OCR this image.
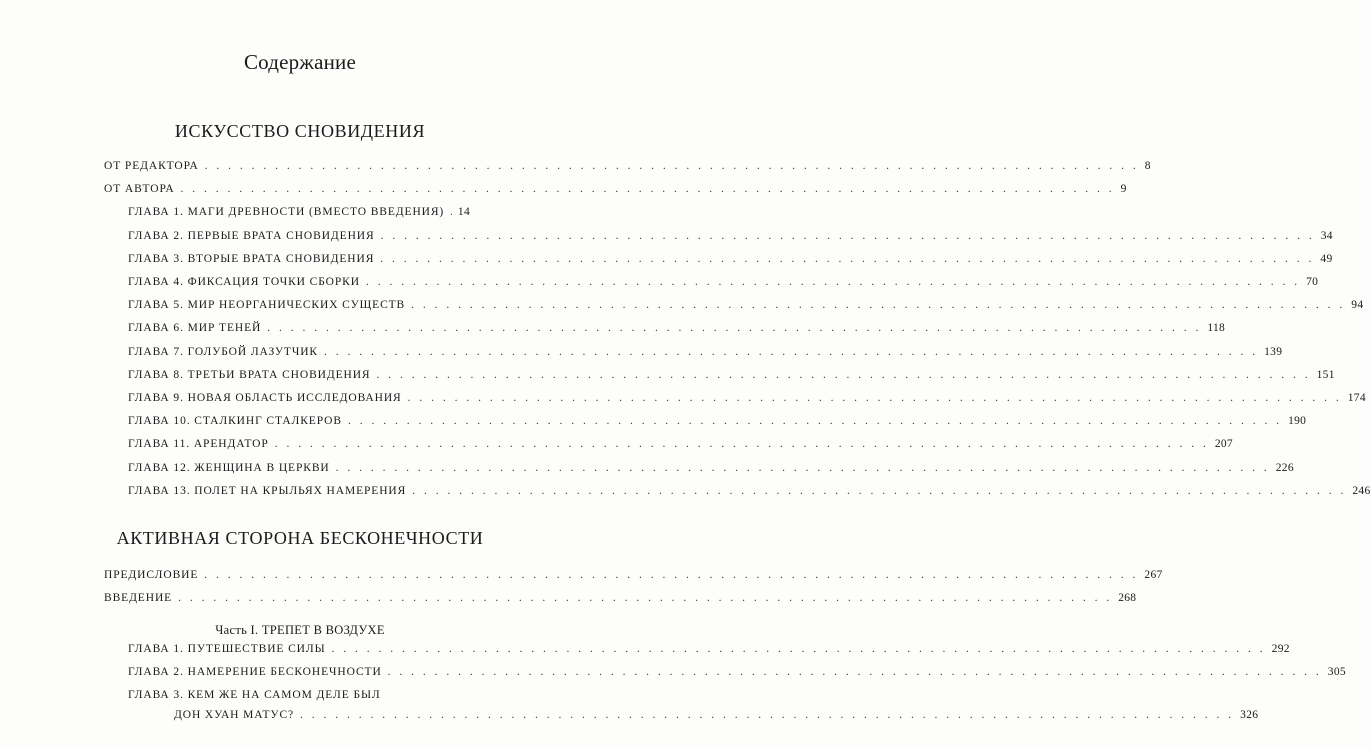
Содержание
ИСКУССТВО СНОВИДЕНИЯ
ОТ РЕДАКТОРА . . . . . . . . . . . . . . . . . . . . . . . . . . . . . . . . . . . . . . . . . . . . . . . . . . . . . . . . . . . . . . . . . . . . . . . . . . . . . . . . 8
ОТ АВТОРА . . . . . . . . . . . . . . . . . . . . . . . . . . . . . . . . . . . . . . . . . . . . . . . . . . . . . . . . . . . . . . . . . . . . . . . . . . . . . . . . 9
ГЛАВА 1. МАГИ ДРЕВНОСТИ (ВМЕСТО ВВЕДЕНИЯ) 14
ГЛАВА 2. ПЕРВЫЕ ВРАТА СНОВИДЕНИЯ . . . . . . . . . . . . . . . . . . . . . . . . . . . . . . . . . . . . . . . . . . . . . . . . . . . . . . . . . . . . . . . . . . . . . . . . . . . . . . . . 34
ГЛАВА 3. ВТОРЫЕ ВРАТА СНОВИДЕНИЯ . . . . . . . . . . . . . . . . . . . . . . . . . . . . . . . . . . . . . . . . . . . . . . . . . . . . . . . . . . . . . . . . . . . . . . . . . . . . . . . . 49
ГЛАВА 4. ФИКСАЦИЯ ТОЧКИ СБОРКИ . . . . . . . . . . . . . . . . . . . . . . . . . . . . . . . . . . . . . . . . . . . . . . . . . . . . . . . . . . . . . . . . . . . . . . . . . . . . . . . . 70
ГЛАВА 5. МИР НЕОРГАНИЧЕСКИХ СУЩЕСТВ . . . . . . . . . . . . . . . . . . . . . . . . . . . . . . . . . . . . . . . . . . . . . . . . . . . . . . . . . . . . . . . . . . . . . . . . . . . . . . . . 94
ГЛАВА 6. МИР ТЕНЕЙ . . . . . . . . . . . . . . . . . . . . . . . . . . . . . . . . . . . . . . . . . . . . . . . . . . . . . . . . . . . . . . . . . . . . . . . . . . . . . . . . 118
ГЛАВА 7. ГОЛУБОЙ ЛАЗУТЧИК . . . . . . . . . . . . . . . . . . . . . . . . . . . . . . . . . . . . . . . . . . . . . . . . . . . . . . . . . . . . . . . . . . . . . . . . . . . . . . . . 139
ГЛАВА 8. ТРЕТЬИ ВРАТА СНОВИДЕНИЯ . . . . . . . . . . . . . . . . . . . . . . . . . . . . . . . . . . . . . . . . . . . . . . . . . . . . . . . . . . . . . . . . . . . . . . . . . . . . . . . . 151
ГЛАВА 9. НОВАЯ ОБЛАСТЬ ИССЛЕДОВАНИЯ . . . . . . . . . . . . . . . . . . . . . . . . . . . . . . . . . . . . . . . . . . . . . . . . . . . . . . . . . . . . . . . . . . . . . . . . . . . . . . . . 174
ГЛАВА 10. СТАЛКИНГ СТАЛКЕРОВ . . . . . . . . . . . . . . . . . . . . . . . . . . . . . . . . . . . . . . . . . . . . . . . . . . . . . . . . . . . . . . . . . . . . . . . . . . . . . . . . 190
ГЛАВА 11. АРЕНДАТОР . . . . . . . . . . . . . . . . . . . . . . . . . . . . . . . . . . . . . . . . . . . . . . . . . . . . . . . . . . . . . . . . . . . . . . . . . . . . . . . . 207
ГЛАВА 12. ЖЕНЩИНА В ЦЕРКВИ . . . . . . . . . . . . . . . . . . . . . . . . . . . . . . . . . . . . . . . . . . . . . . . . . . . . . . . . . . . . . . . . . . . . . . . . . . . . . . . . 226
ГЛАВА 13. ПОЛЕТ НА КРЫЛЬЯХ НАМЕРЕНИЯ . . . . . . . . . . . . . . . . . . . . . . . . . . . . . . . . . . . . . . . . . . . . . . . . . . . . . . . . . . . . . . . . . . . . . . . . . . . . . . . . 246
АКТИВНАЯ СТОРОНА БЕСКОНЕЧНОСТИ
ПРЕДИСЛОВИЕ . . . . . . . . . . . . . . . . . . . . . . . . . . . . . . . . . . . . . . . . . . . . . . . . . . . . . . . . . . . . . . . . . . . . . . . . . . . . . . . . 267
ВВЕДЕНИЕ . . . . . . . . . . . . . . . . . . . . . . . . . . . . . . . . . . . . . . . . . . . . . . . . . . . . . . . . . . . . . . . . . . . . . . . . . . . . . . . . 268
Часть I. ТРЕПЕТ В ВОЗДУХЕ
ГЛАВА 1. ПУТЕШЕСТВИЕ СИЛЫ . . . . . . . . . . . . . . . . . . . . . . . . . . . . . . . . . . . . . . . . . . . . . . . . . . . . . . . . . . . . . . . . . . . . . . . . . . . . . . . . 292
ГЛАВА 2. НАМЕРЕНИЕ БЕСКОНЕЧНОСТИ . . . . . . . . . . . . . . . . . . . . . . . . . . . . . . . . . . . . . . . . . . . . . . . . . . . . . . . . . . . . . . . . . . . . . . . . . . . . . . . . 305
ГЛАВА 3. КЕМ ЖЕ НА САМОМ ДЕЛЕ БЫЛ
ДОН ХУАН МАТУС? . . . . . . . . . . . . . . . . . . . . . . . . . . . . . . . . . . . . . . . . . . . . . . . . . . . . . . . . . . . . . . . . . . . . . . . . . . . . . . . . 326
